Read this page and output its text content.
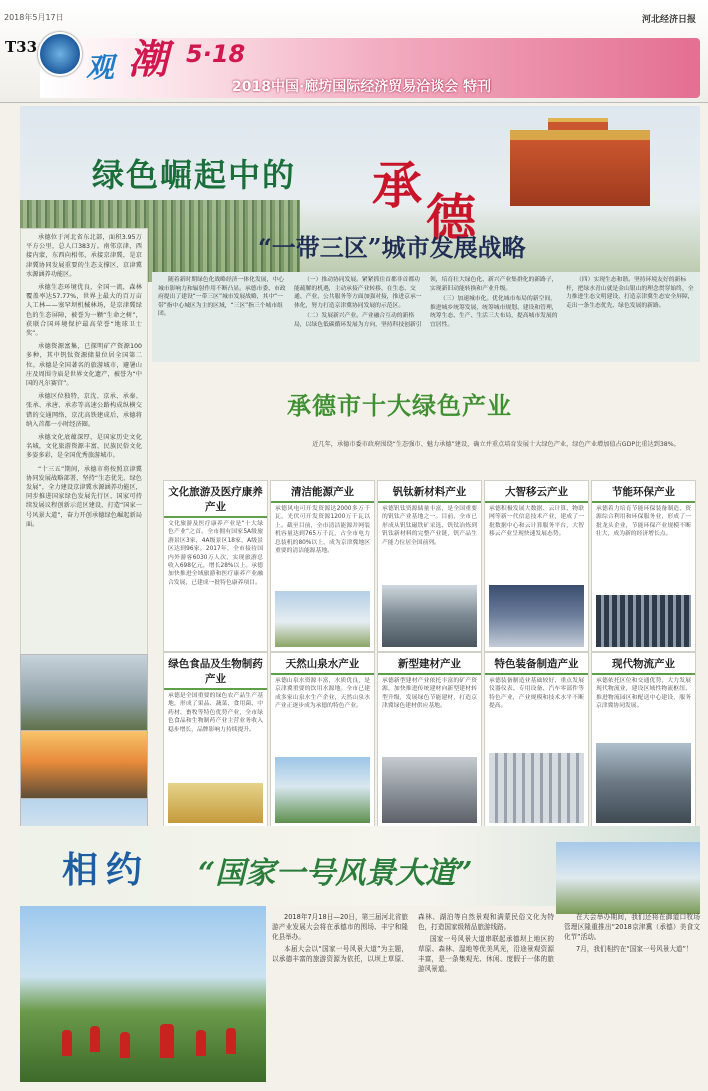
2018年5月17日	河北经济日报
T33
观 潮 5·18
2018中国·廊坊国际经济贸易洽谈会 特刊
绿色崛起中的 承
德

承德位于河北省东北部，面积3.95万平方公里，总人口383万。南邻京津，西接内蒙，东西向相邻，承接京津冀，是京津冀协同发展重要的生态支撑区、京津冀水源涵养功能区。

承德生态环境优良，全国一流，森林覆盖率达57.77%，世界上最大的百万亩人工林——塞罕坝机械林场，是京津冀绿色的生态屏障，被誉为一颗“生命之树”，获联合国环境保护最高荣誉“地球卫士奖”。

承德资源富集，已探明矿产资源100多种，其中钒钛资源储量位居全国第二位。承德是全国著名的旅游城市，避暑山庄及周围寺庙是世界文化遗产，被誉为“中国的凡尔赛宫”。

承德区位独特，京沈、京承、承秦、张承、承唐、承赤等高速公路构成纵横交错的交通网络，京沈高铁建成后，承德将纳入首都一小时经济圈。

承德文化底蕴深厚，是国家历史文化名城，文化旅游资源丰富，民族民俗文化多姿多彩，是全国优秀旅游城市。

“十三五”期间，承德市将按照京津冀协同发展战略部署，坚持“生态优先、绿色发展”，全力建设京津冀水源涵养功能区，同步推进国家绿色发展先行区、国家可持续发展议程创新示范区建设，打造“国家一号风景大道”，奋力开创承德绿色崛起新局面。

“一带三区”城市发展战略

随着新时期绿色化战略经济一体化发展，中心城市影响力和辐射作用不断凸显。承德市委、市政府提出了建设“一带三区”城市发展战略，其中“一带”指中心城区为主的区域，“三区”指三个城市组团。

（一）推动协同发展。紧紧抓住首都非首都功能疏解的机遇，主动承接产业转移，在生态、交通、产业、公共服务等方面加强对接，推进京承一体化，努力打造京津冀协同发展的示范区。

（二）发展新兴产业。产业融合互动的新格局，以绿色低碳循环发展为方向，坚持科技创新引领，培育壮大绿色化、新兴产业集群化的新路子，实现新旧动能转换和产业升级。

（三）加速城市化。优化城市布局的新空间，推进城乡统筹发展，统筹城市规划、建设和管理，统筹生态、生产、生活三大布局，提高城市发展的宜居性。

（四）实现生态和谐。坚持环境友好的新标杆，把绿水青山就是金山银山的理念贯穿始终，全力推进生态文明建设，打造京津冀生态安全屏障，走出一条生态优先、绿色发展的新路。

承德市十大绿色产业
近几年，承德市委市政府围绕“生态强市、魅力承德”建设，确立并重点培育发展十大绿色产业，绿色产业增加值占GDP比重达到38%。
文化旅游及医疗康养产业
文化旅游及医疗康养产业是“十大绿色产业”之首。全市拥有国家5A级旅游景区3家，4A级景区18家，A级景区达到96家。2017年，全市接待国内外游客6030万人次，实现旅游总收入698亿元，增长28%以上。承德加快推进全域旅游和医疗康养产业融合发展，已建成一批特色康养项目。
清洁能源产业
承德风电可开发资源达2000多万千瓦，光伏可开发资源1200万千瓦以上。截至目前，全市清洁能源并网装机容量达到765万千瓦，占全市电力总装机的80%以上，成为京津冀地区重要的清洁能源基地。
钒钛新材料产业
承德钒钛资源储量丰富，是全国重要的钒钛产业基地之一。目前，全市已形成从钒钛磁铁矿采选、钒钛冶炼到钒钛新材料的完整产业链，钒产品生产能力位居全国前列。
大智移云产业
承德积极发展大数据、云计算、物联网等新一代信息技术产业，建成了一批数据中心和云计算服务平台，大智移云产业呈现快速发展态势。
节能环保产业
承德着力培育节能环保装备制造、资源综合利用和环保服务业，形成了一批龙头企业，节能环保产业规模不断壮大，成为新的经济增长点。
绿色食品及生物制药产业
承德是全国重要的绿色农产品生产基地，形成了果品、蔬菜、食用菌、中药材、畜牧等特色优势产业，全市绿色食品和生物制药产业主营业务收入稳步增长，品牌影响力持续提升。
天然山泉水产业
承德山泉水资源丰富，水质优良，是京津冀重要的饮用水源地。全市已建成多家山泉水生产企业，天然山泉水产业正逐步成为承德的特色产业。
新型建材产业
承德新型建材产业依托丰富的矿产资源，加快推进传统建材向新型建材转型升级，发展绿色节能建材，打造京津冀绿色建材供应基地。
特色装备制造产业
承德装备制造业基础较好，重点发展仪器仪表、专用设备、汽车零部件等特色产业，产业规模和技术水平不断提高。
现代物流产业
承德依托区位和交通优势，大力发展现代物流业，建设区域性物流枢纽，推进物流园区和配送中心建设，服务京津冀协同发展。
相约 “国家一号风景大道”

2018年7月18日—20日，第三届河北省旅游产业发展大会将在承德市的围场、丰宁和隆化县举办。

本届大会以“国家一号风景大道”为主题，以承德丰富的旅游资源为依托，以坝上草原、森林、湖泊等自然景观和满蒙民俗文化为特色，打造国家级精品旅游线路。

国家一号风景大道串联起承德坝上地区的草原、森林、湿地等优美风光，沿途景观资源丰富，是一条集观光、休闲、度假于一体的旅游风景道。

在大会举办期间，我们还将在御道口牧场管理区隆重推出“2018京津冀（承德）美食文化节”活动。

7月，我们相约在“国家一号风景大道”！
